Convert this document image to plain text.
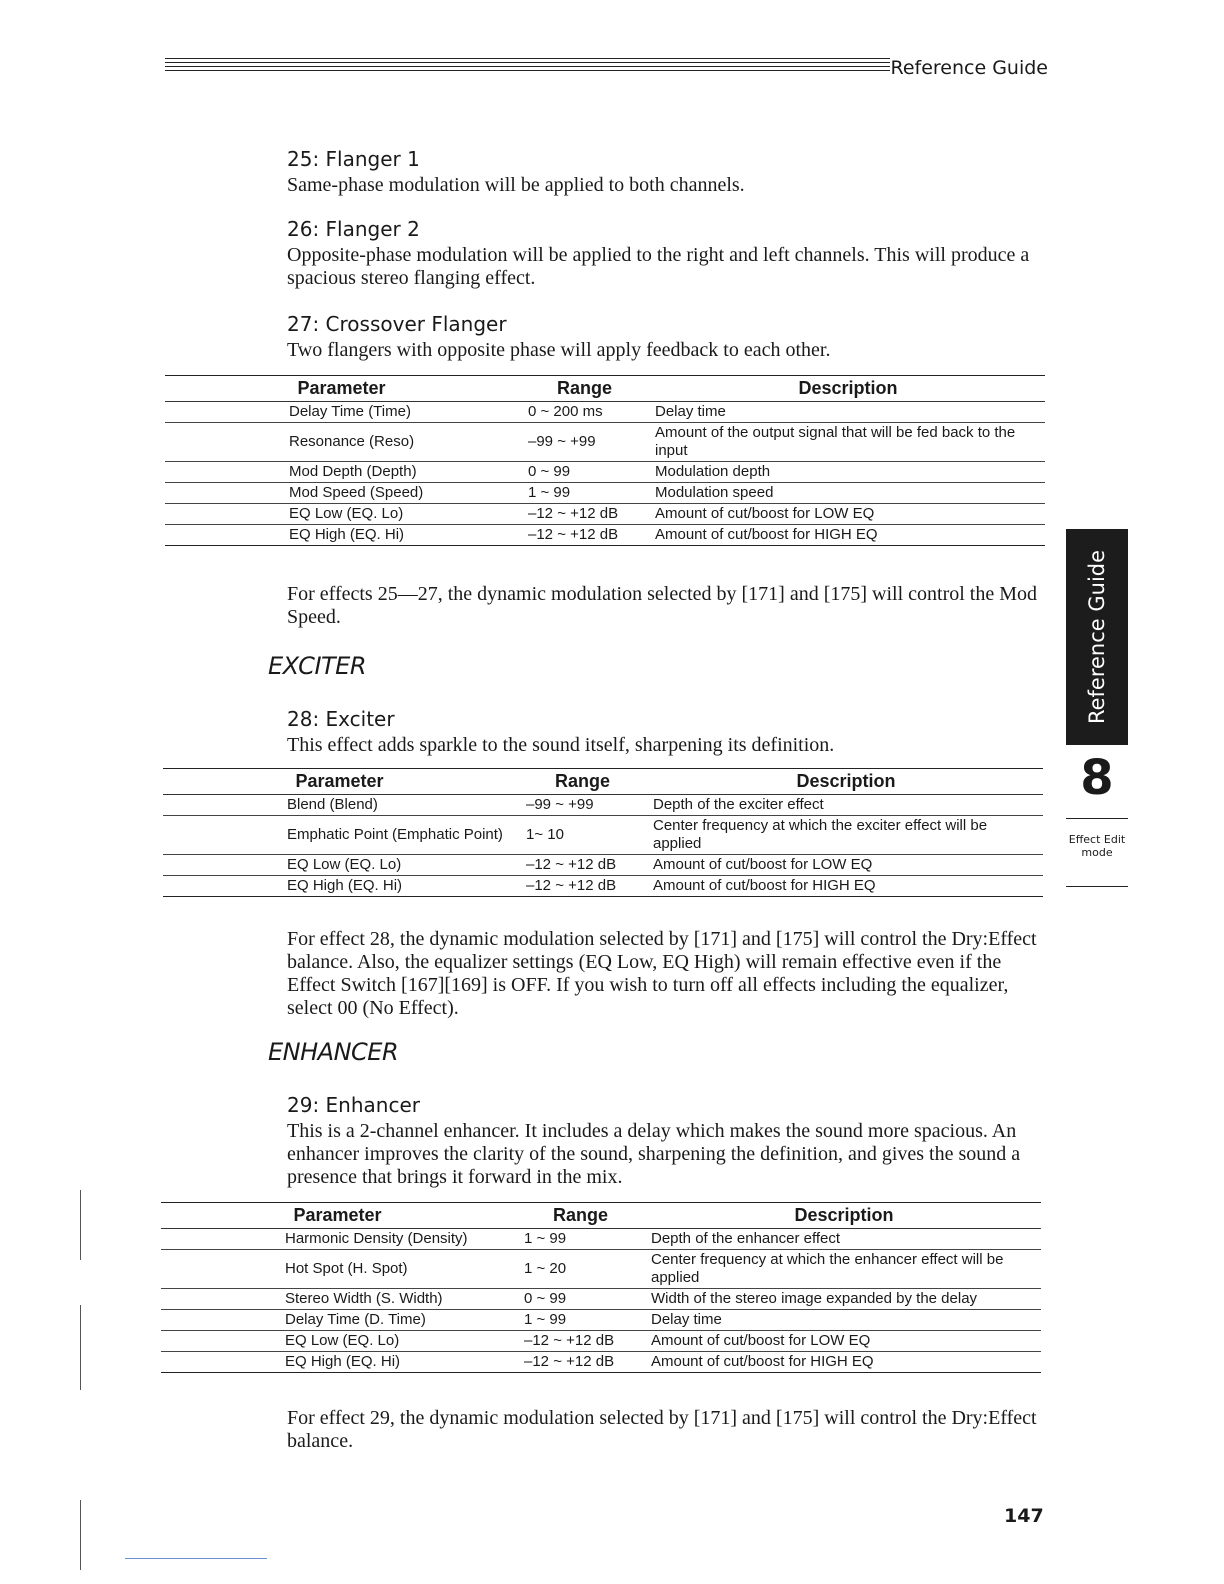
Reference Guide
25: Flanger 1

Same-phase modulation will be applied to both channels.

26: Flanger 2

Opposite-phase modulation will be applied to the right and left channels. This will produce a spacious stereo flanging effect.

27: Crossover Flanger

Two flangers with opposite phase will apply feedback to each other.

Parameter	Range	Description
Delay Time (Time)	0 ~ 200 ms	Delay time
Resonance (Reso)	–99 ~ +99	Amount of the output signal that will be fed back to the input
Mod Depth (Depth)	0 ~ 99	Modulation depth
Mod Speed (Speed)	1 ~ 99	Modulation speed
EQ Low (EQ. Lo)	–12 ~ +12 dB	Amount of cut/boost for LOW EQ
EQ High (EQ. Hi)	–12 ~ +12 dB	Amount of cut/boost for HIGH EQ

For effects 25—27, the dynamic modulation selected by [171] and [175] will control the Mod Speed.

EXCITER
28: Exciter

This effect adds sparkle to the sound itself, sharpening its definition.

Parameter	Range	Description
Blend (Blend)	–99 ~ +99	Depth of the exciter effect
Emphatic Point (Emphatic Point)	1~ 10	Center frequency at which the exciter effect will be applied
EQ Low (EQ. Lo)	–12 ~ +12 dB	Amount of cut/boost for LOW EQ
EQ High (EQ. Hi)	–12 ~ +12 dB	Amount of cut/boost for HIGH EQ

For effect 28, the dynamic modulation selected by [171] and [175] will control the Dry:Effect balance. Also, the equalizer settings (EQ Low, EQ High) will remain effective even if the Effect Switch [167][169] is OFF. If you wish to turn off all effects including the equalizer, select 00 (No Effect).

ENHANCER
29: Enhancer

This is a 2-channel enhancer. It includes a delay which makes the sound more spacious. An enhancer improves the clarity of the sound, sharpening the definition, and gives the sound a presence that brings it forward in the mix.

Parameter	Range	Description
Harmonic Density (Density)	1 ~ 99	Depth of the enhancer effect
Hot Spot (H. Spot)	1 ~ 20	Center frequency at which the enhancer effect will be applied
Stereo Width (S. Width)	0 ~ 99	Width of the stereo image expanded by the delay
Delay Time (D. Time)	1 ~ 99	Delay time
EQ Low (EQ. Lo)	–12 ~ +12 dB	Amount of cut/boost for LOW EQ
EQ High (EQ. Hi)	–12 ~ +12 dB	Amount of cut/boost for HIGH EQ

For effect 29, the dynamic modulation selected by [171] and [175] will control the Dry:Effect balance.

Reference Guide
8
Effect Edit mode
147
